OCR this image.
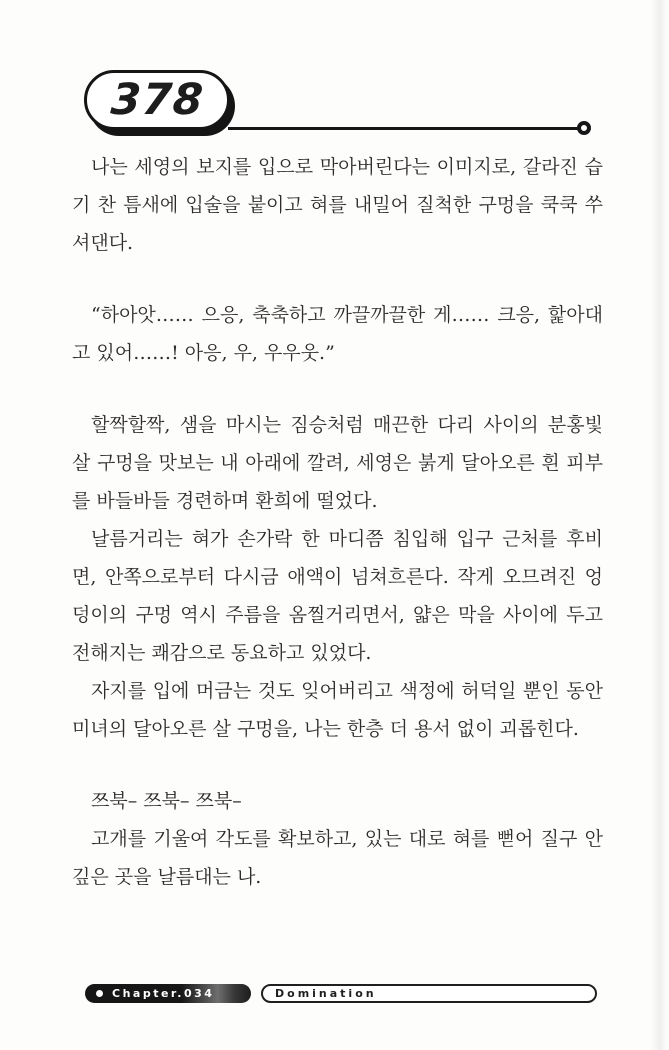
378

나는 세영의 보지를 입으로 막아버린다는 이미지로, 갈라진 습기 찬 틈새에 입술을 붙이고 혀를 내밀어 질척한 구멍을 쿡쿡 쑤셔댄다.

“하아앗…… 으응, 축축하고 까끌까끌한 게…… 크응, 핥아대고 있어……! 아응, 우, 우우웃.”

할짝할짝, 샘을 마시는 짐승처럼 매끈한 다리 사이의 분홍빛 살 구멍을 맛보는 내 아래에 깔려, 세영은 붉게 달아오른 흰 피부를 바들바들 경련하며 환희에 떨었다.

날름거리는 혀가 손가락 한 마디쯤 침입해 입구 근처를 후비면, 안쪽으로부터 다시금 애액이 넘쳐흐른다. 작게 오므려진 엉덩이의 구멍 역시 주름을 옴찔거리면서, 얇은 막을 사이에 두고 전해지는 쾌감으로 동요하고 있었다.

자지를 입에 머금는 것도 잊어버리고 색정에 허덕일 뿐인 동안 미녀의 달아오른 살 구멍을, 나는 한층 더 용서 없이 괴롭힌다.

쯔북– 쯔북– 쯔북–

고개를 기울여 각도를 확보하고, 있는 대로 혀를 뻗어 질구 안 깊은 곳을 날름대는 나.

Chapter.034	Domination
